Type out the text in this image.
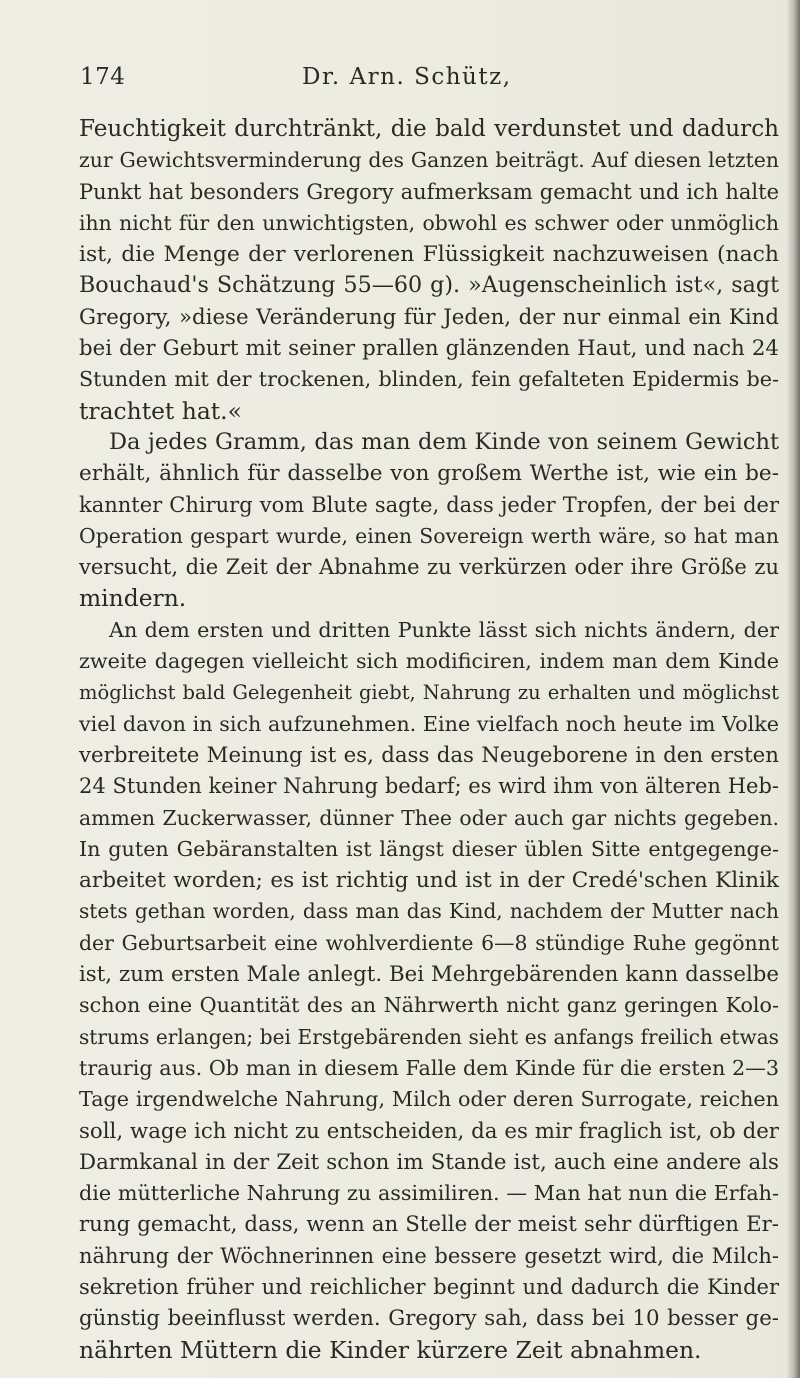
174	Dr. Arn. Schütz,
Feuchtigkeit durchtränkt, die bald verdunstet und dadurch
zur Gewichtsverminderung des Ganzen beiträgt. Auf diesen letzten
Punkt hat besonders Gregory aufmerksam gemacht und ich halte
ihn nicht für den unwichtigsten, obwohl es schwer oder unmöglich
ist, die Menge der verlorenen Flüssigkeit nachzuweisen (nach
Bouchaud's Schätzung 55—60 g). »Augenscheinlich ist«, sagt
Gregory, »diese Veränderung für Jeden, der nur einmal ein Kind
bei der Geburt mit seiner prallen glänzenden Haut, und nach 24
Stunden mit der trockenen, blinden, fein gefalteten Epidermis be-
trachtet hat.«
Da jedes Gramm, das man dem Kinde von seinem Gewicht
erhält, ähnlich für dasselbe von großem Werthe ist, wie ein be-
kannter Chirurg vom Blute sagte, dass jeder Tropfen, der bei der
Operation gespart wurde, einen Sovereign werth wäre, so hat man
versucht, die Zeit der Abnahme zu verkürzen oder ihre Größe zu
mindern.
An dem ersten und dritten Punkte lässt sich nichts ändern, der
zweite dagegen vielleicht sich modificiren, indem man dem Kinde
möglichst bald Gelegenheit giebt, Nahrung zu erhalten und möglichst
viel davon in sich aufzunehmen. Eine vielfach noch heute im Volke
verbreitete Meinung ist es, dass das Neugeborene in den ersten
24 Stunden keiner Nahrung bedarf; es wird ihm von älteren Heb-
ammen Zuckerwasser, dünner Thee oder auch gar nichts gegeben.
In guten Gebäranstalten ist längst dieser üblen Sitte entgegenge-
arbeitet worden; es ist richtig und ist in der Credé'schen Klinik
stets gethan worden, dass man das Kind, nachdem der Mutter nach
der Geburtsarbeit eine wohlverdiente 6—8 stündige Ruhe gegönnt
ist, zum ersten Male anlegt. Bei Mehrgebärenden kann dasselbe
schon eine Quantität des an Nährwerth nicht ganz geringen Kolo-
strums erlangen; bei Erstgebärenden sieht es anfangs freilich etwas
traurig aus. Ob man in diesem Falle dem Kinde für die ersten 2—3
Tage irgendwelche Nahrung, Milch oder deren Surrogate, reichen
soll, wage ich nicht zu entscheiden, da es mir fraglich ist, ob der
Darmkanal in der Zeit schon im Stande ist, auch eine andere als
die mütterliche Nahrung zu assimiliren. — Man hat nun die Erfah-
rung gemacht, dass, wenn an Stelle der meist sehr dürftigen Er-
nährung der Wöchnerinnen eine bessere gesetzt wird, die Milch-
sekretion früher und reichlicher beginnt und dadurch die Kinder
günstig beeinflusst werden. Gregory sah, dass bei 10 besser ge-
nährten Müttern die Kinder kürzere Zeit abnahmen.
